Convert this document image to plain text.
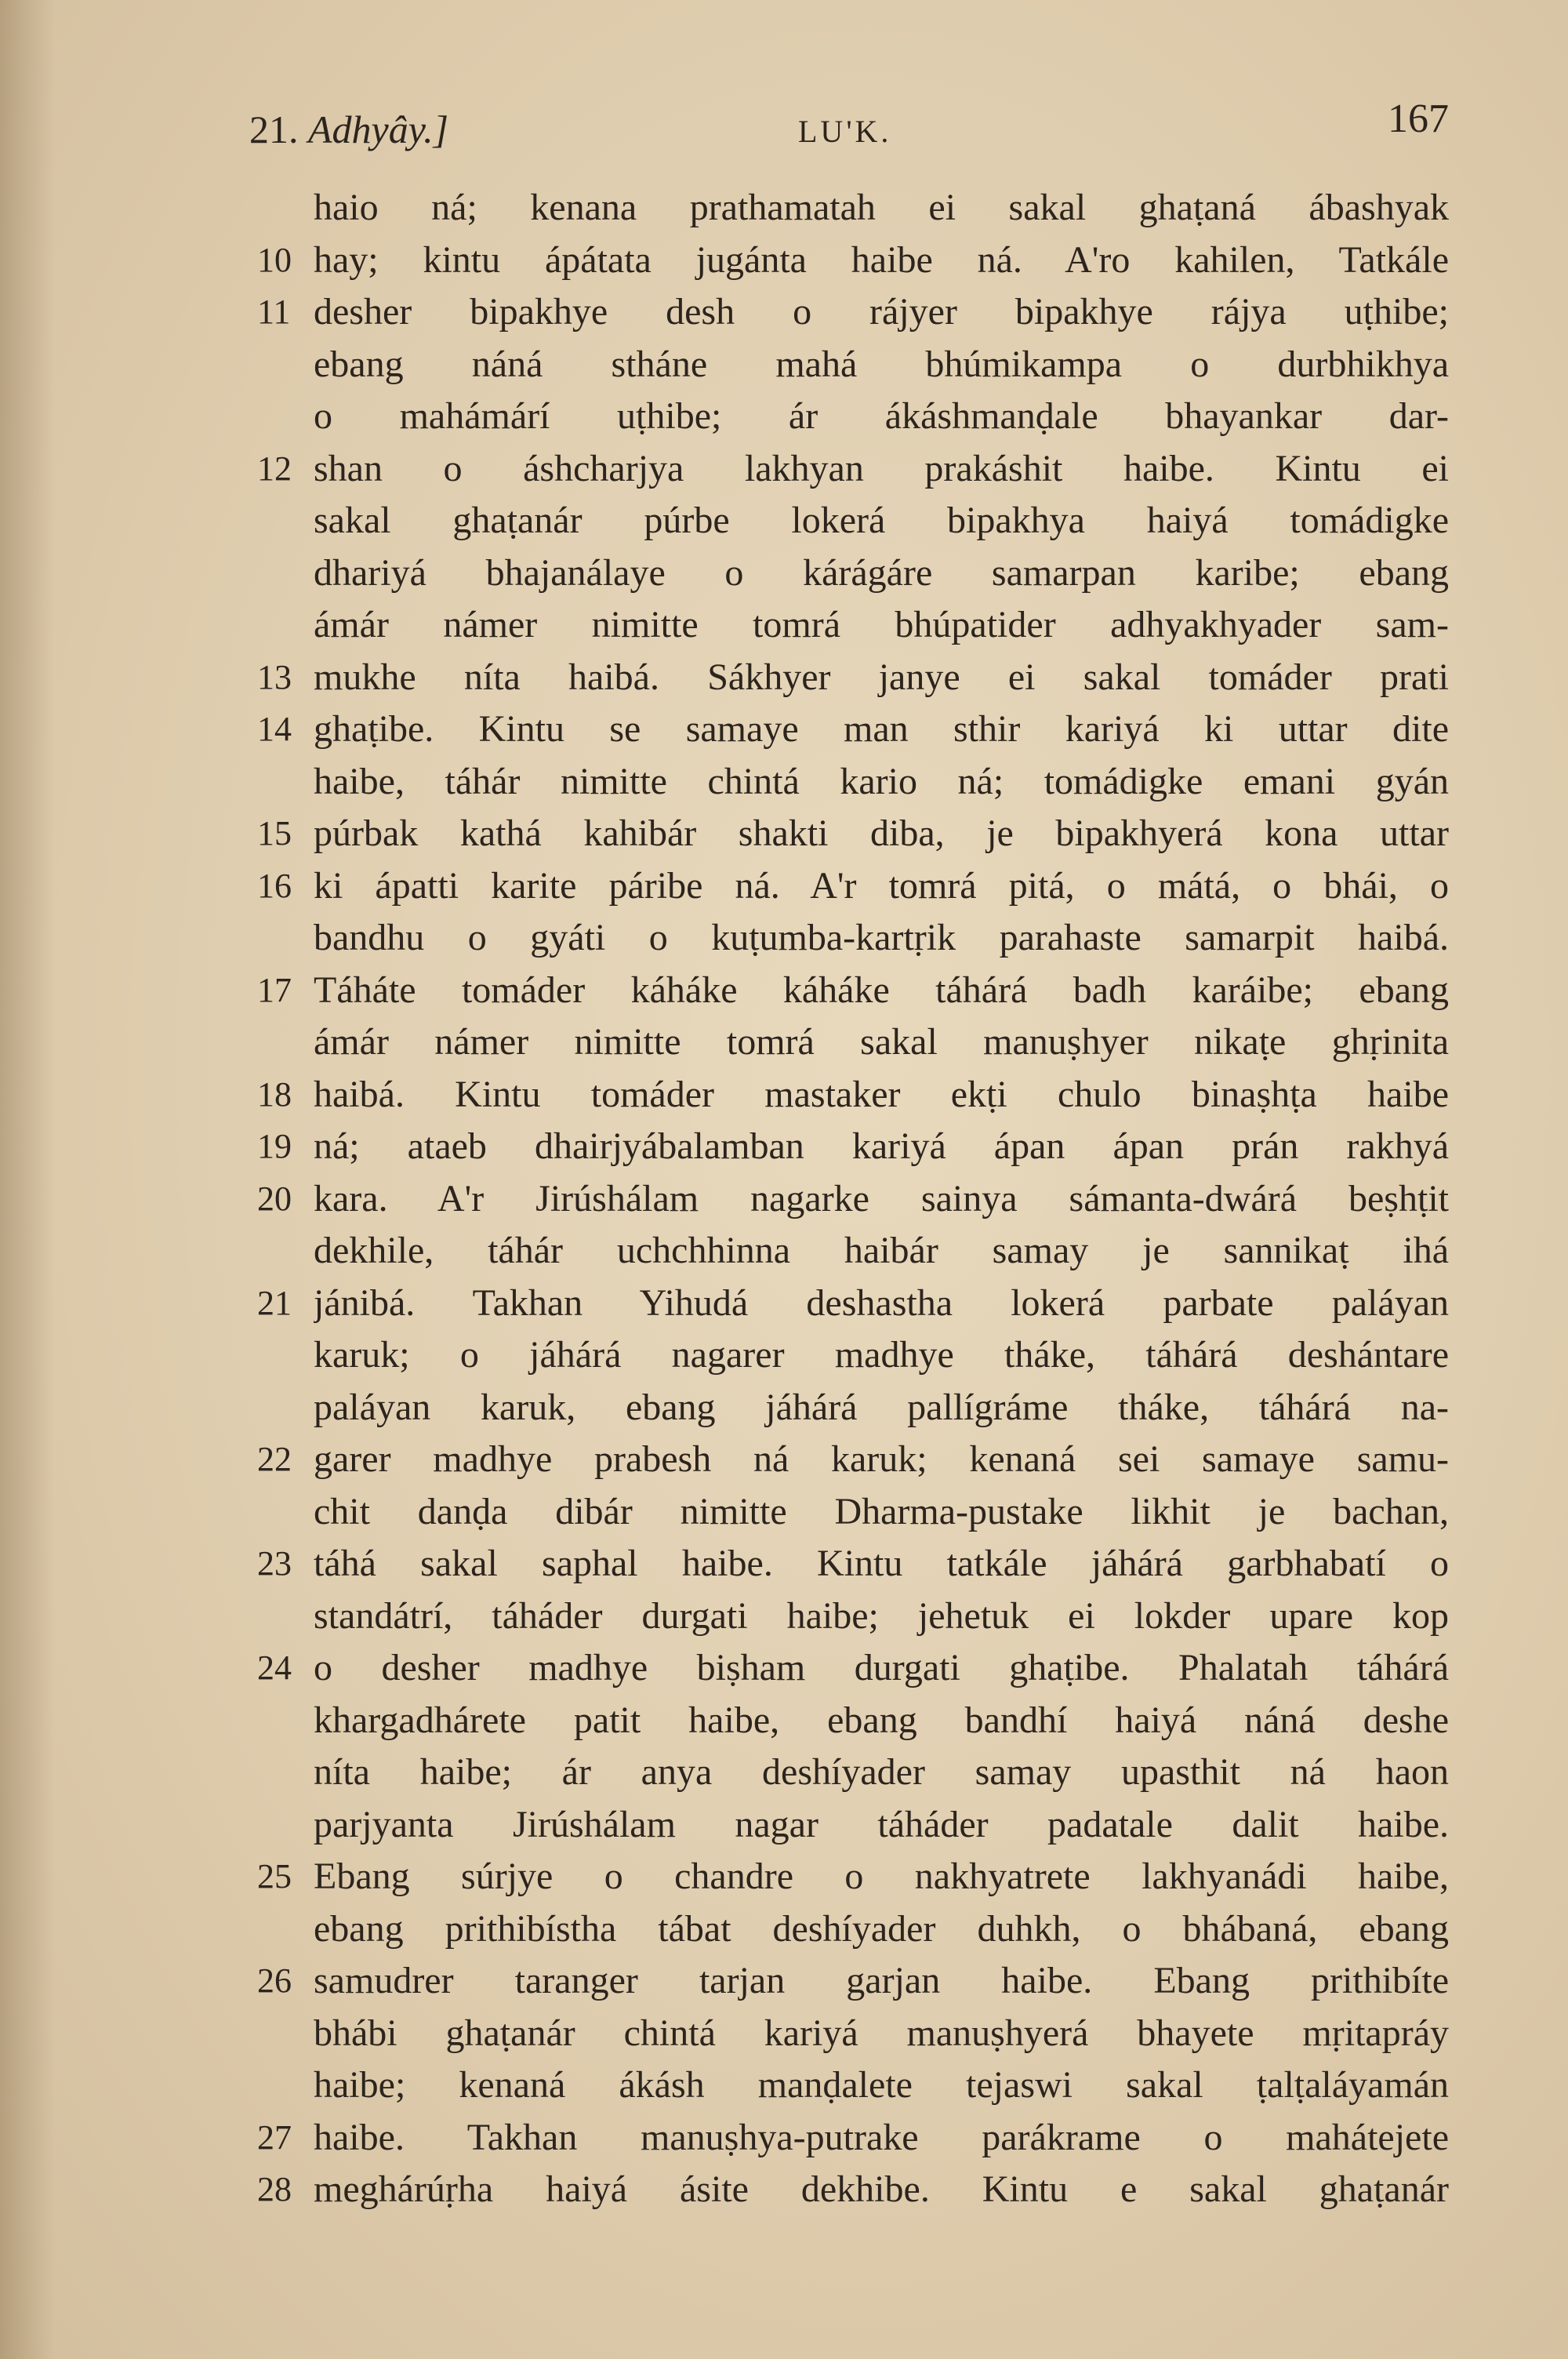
21. Adhyây.]	LU'K.	167
haio ná; kenana prathamatah ei sakal ghaṭaná ábashyak
10 hay; kintu ápátata jugánta haibe ná. A'ro kahilen, Tatkále
11 desher bipakhye desh o rájyer bipakhye rájya uṭhibe;
ebang náná stháne mahá bhúmikampa o durbhikhya
o mahámárí uṭhibe; ár ákáshmanḍale bhayankar dar-
12 shan o áshcharjya lakhyan prakáshit haibe. Kintu ei
sakal ghaṭanár púrbe lokerá bipakhya haiyá tomádigke
dhariyá bhajanálaye o kárágáre samarpan karibe; ebang
ámár námer nimitte tomrá bhúpatider adhyakhyader sam-
13 mukhe níta haibá. Sákhyer janye ei sakal tomáder prati
14 ghaṭibe. Kintu se samaye man sthir kariyá ki uttar dite
haibe, táhár nimitte chintá kario ná; tomádigke emani gyán
15 púrbak kathá kahibár shakti diba, je bipakhyerá kona uttar
16 ki ápatti karite páribe ná. A'r tomrá pitá, o mátá, o bhái, o
bandhu o gyáti o kuṭumba-kartṛik parahaste samarpit haibá.
17 Táháte tomáder káháke káháke táhárá badh karáibe; ebang
ámár námer nimitte tomrá sakal manuṣhyer nikaṭe ghṛinita
18 haibá. Kintu tomáder mastaker ekṭi chulo binaṣhṭa haibe
19 ná; ataeb dhairjyábalamban kariyá ápan ápan prán rakhyá
20 kara. A'r Jirúshálam nagarke sainya sámanta-dwárá beṣhṭit
dekhile, táhár uchchhinna haibár samay je sannikaṭ ihá
21 jánibá. Takhan Yihudá deshastha lokerá parbate paláyan
karuk; o jáhárá nagarer madhye tháke, táhárá deshántare
paláyan karuk, ebang jáhárá pallígráme tháke, táhárá na-
22 garer madhye prabesh ná karuk; kenaná sei samaye samu-
chit danḍa dibár nimitte Dharma-pustake likhit je bachan,
23 táhá sakal saphal haibe. Kintu tatkále jáhárá garbhabatí o
standátrí, táháder durgati haibe; jehetuk ei lokder upare kop
24 o desher madhye biṣham durgati ghaṭibe. Phalatah táhárá
khargadhárete patit haibe, ebang bandhí haiyá náná deshe
níta haibe; ár anya deshíyader samay upasthit ná haon
parjyanta Jirúshálam nagar táháder padatale dalit haibe.
25 Ebang súrjye o chandre o nakhyatrete lakhyanádi haibe,
ebang prithibístha tábat deshíyader duhkh, o bhábaná, ebang
26 samudrer taranger tarjan garjan haibe. Ebang prithibíte
bhábi ghaṭanár chintá kariyá manuṣhyerá bhayete mṛitapráy
haibe; kenaná ákásh manḍalete tejaswi sakal ṭalṭaláyamán
27 haibe. Takhan manuṣhya-putrake parákrame o mahátejete
28 meghárúṛha haiyá ásite dekhibe. Kintu e sakal ghaṭanár
